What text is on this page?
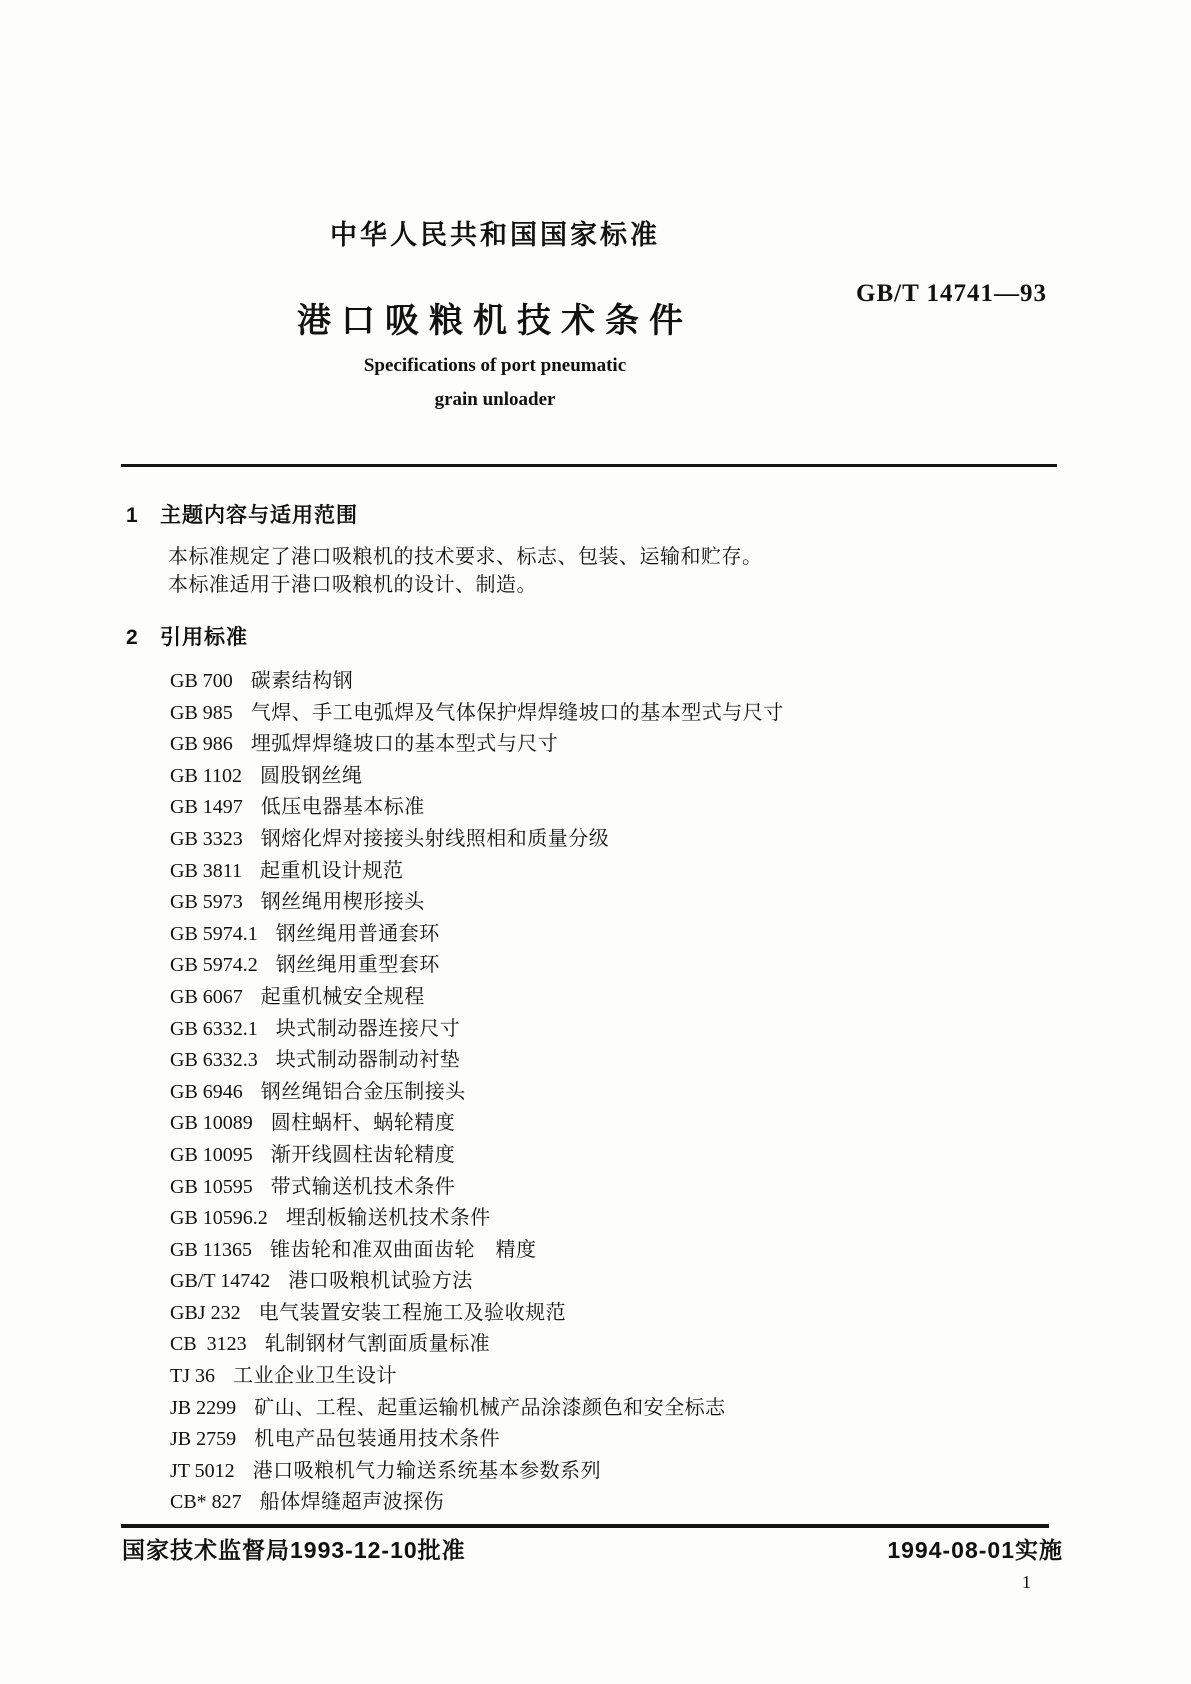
中华人民共和国国家标准
港口吸粮机技术条件
GB/T 14741—93
Specifications of port pneumatic
grain unloader
1 主题内容与适用范围
本标准规定了港口吸粮机的技术要求、标志、包装、运输和贮存。
本标准适用于港口吸粮机的设计、制造。
2 引用标准
GB 700 碳素结构钢
GB 985 气焊、手工电弧焊及气体保护焊焊缝坡口的基本型式与尺寸
GB 986 埋弧焊焊缝坡口的基本型式与尺寸
GB 1102 圆股钢丝绳
GB 1497 低压电器基本标准
GB 3323 钢熔化焊对接接头射线照相和质量分级
GB 3811 起重机设计规范
GB 5973 钢丝绳用楔形接头
GB 5974.1 钢丝绳用普通套环
GB 5974.2 钢丝绳用重型套环
GB 6067 起重机械安全规程
GB 6332.1 块式制动器连接尺寸
GB 6332.3 块式制动器制动衬垫
GB 6946 钢丝绳铝合金压制接头
GB 10089 圆柱蜗杆、蜗轮精度
GB 10095 渐开线圆柱齿轮精度
GB 10595 带式输送机技术条件
GB 10596.2 埋刮板输送机技术条件
GB 11365 锥齿轮和准双曲面齿轮　精度
GB/T 14742 港口吸粮机试验方法
GBJ 232 电气装置安装工程施工及验收规范
CB  3123 轧制钢材气割面质量标准
TJ 36 工业企业卫生设计
JB 2299 矿山、工程、起重运输机械产品涂漆颜色和安全标志
JB 2759 机电产品包装通用技术条件
JT 5012 港口吸粮机气力输送系统基本参数系列
CB* 827 船体焊缝超声波探伤
国家技术监督局1993-12-10批准	1994-08-01实施
1
